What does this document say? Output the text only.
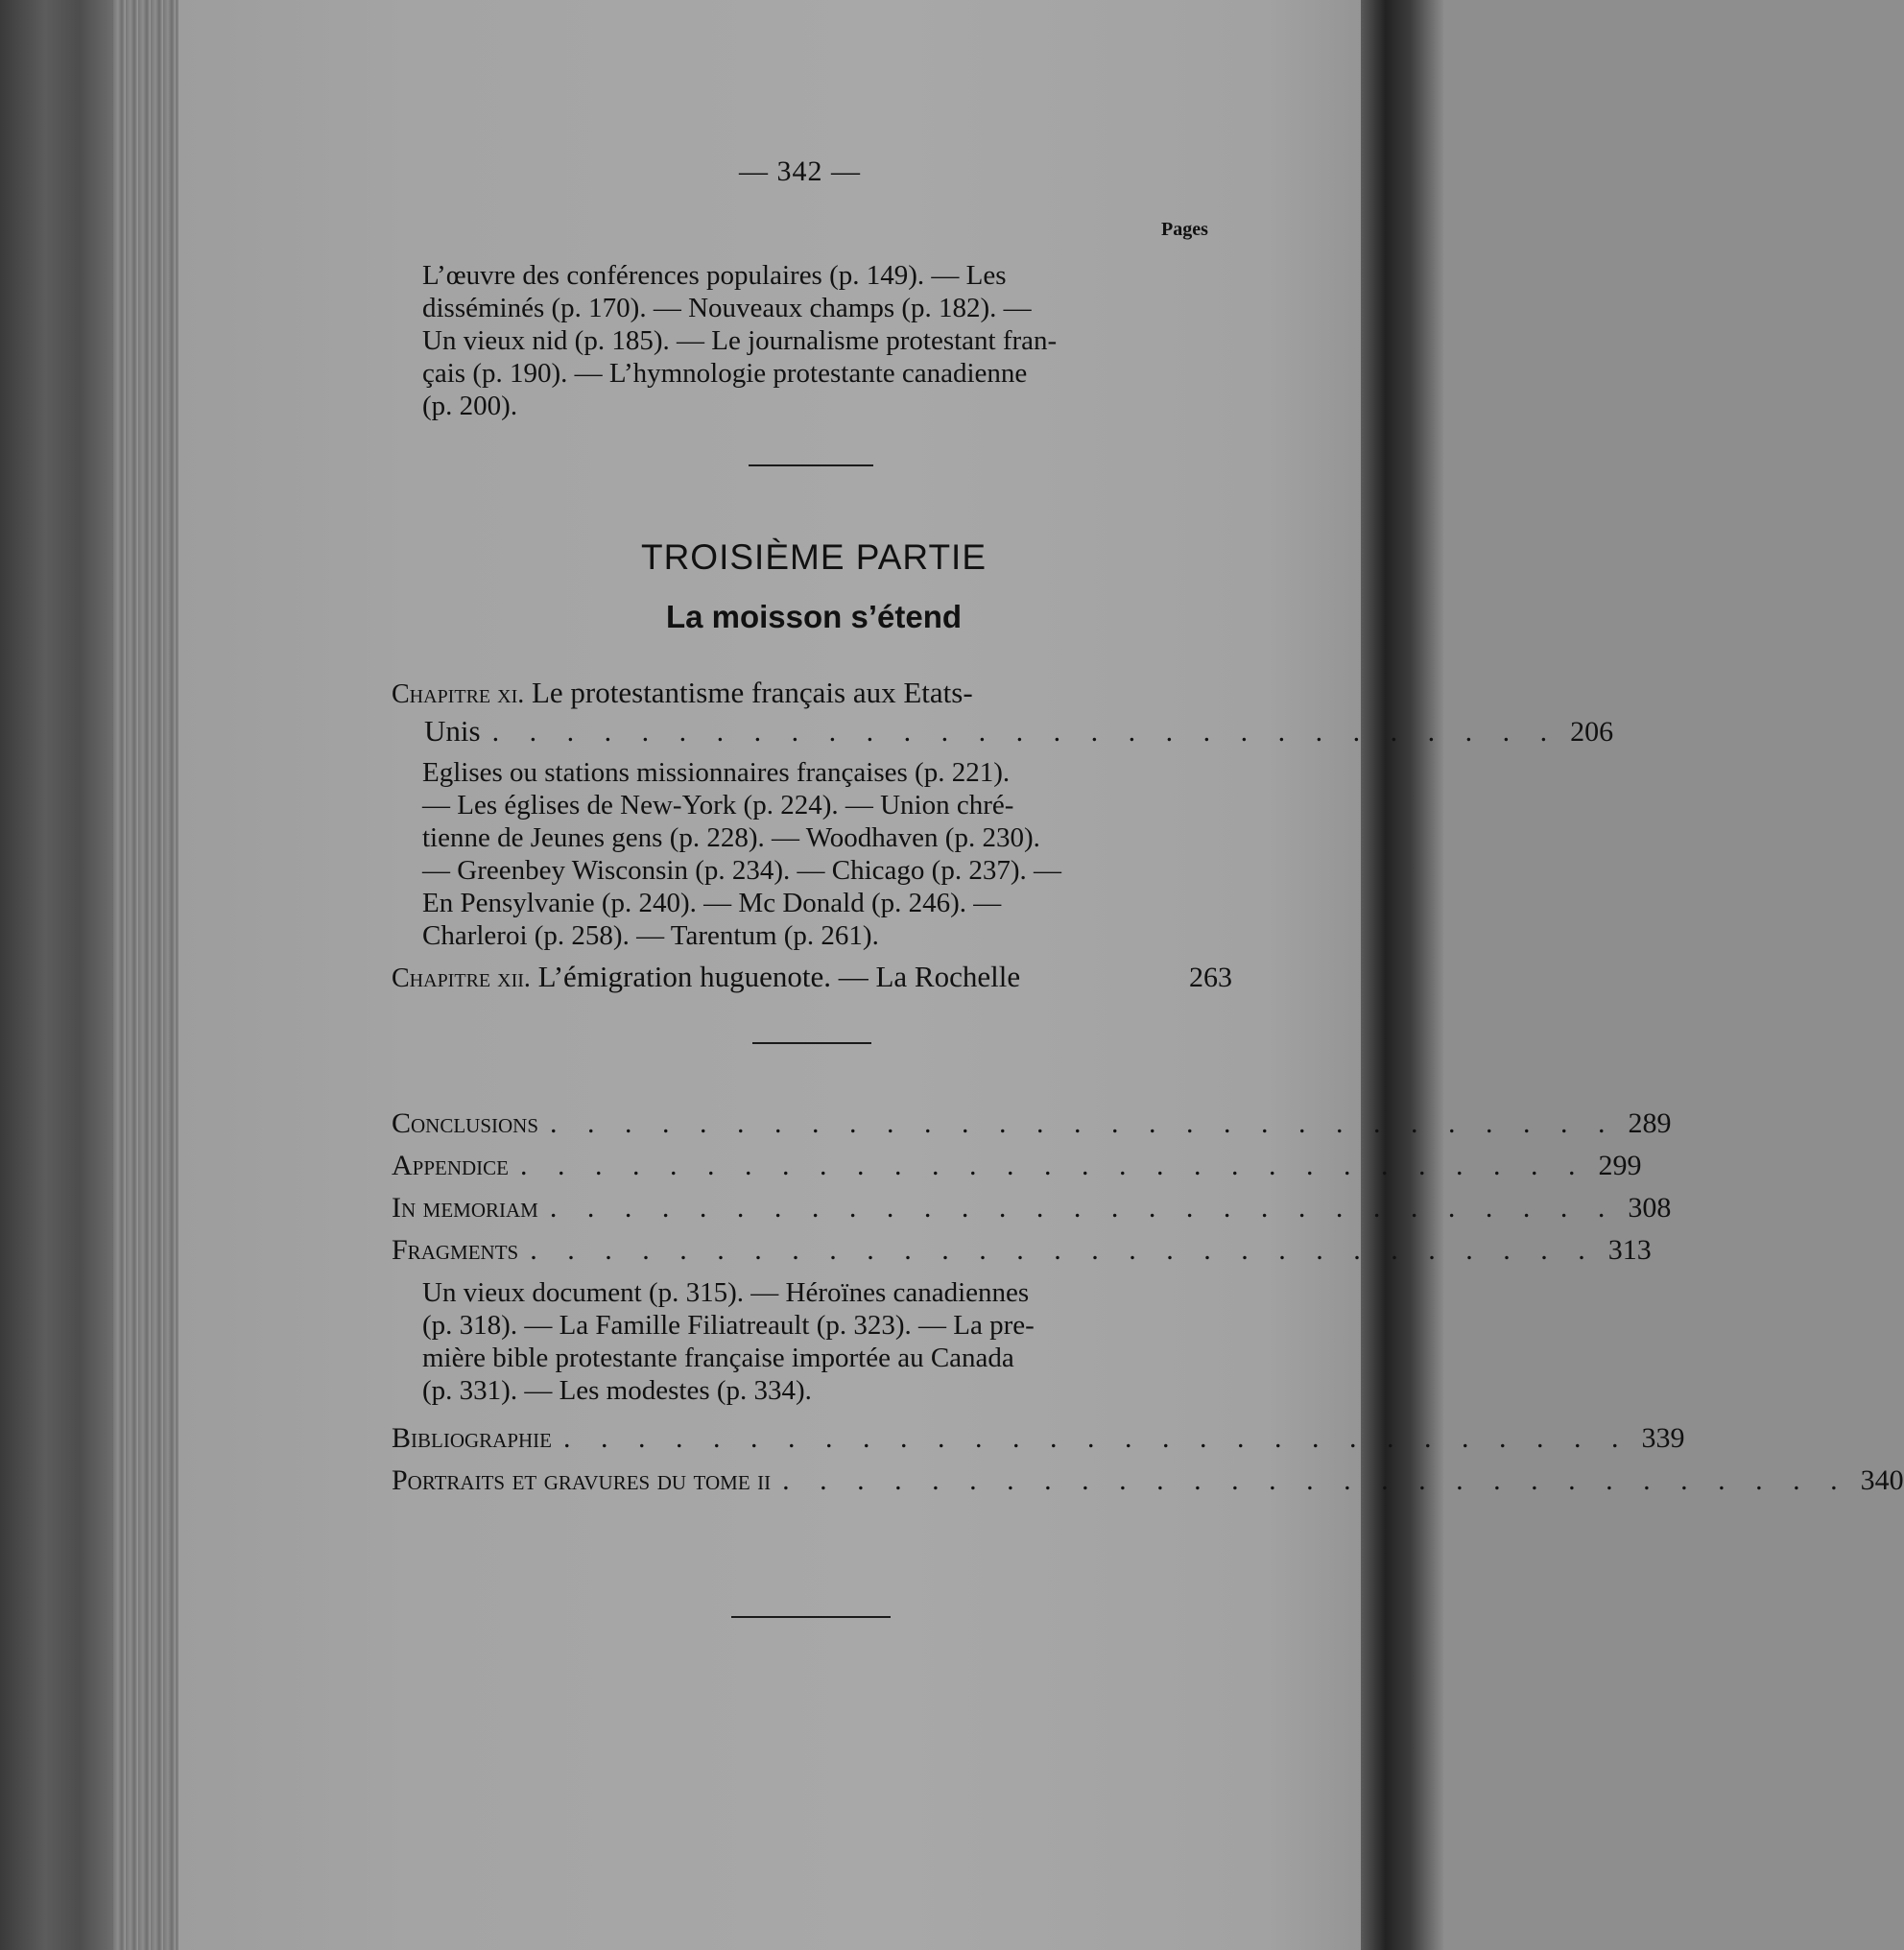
— 342 —
Pages
L’œuvre des conférences populaires (p. 149). — Les
disséminés (p. 170). — Nouveaux champs (p. 182). —
Un vieux nid (p. 185). — Le journalisme protestant fran-
çais (p. 190). — L’hymnologie protestante canadienne
(p. 200).
TROISIÈME PARTIE
La moisson s’étend
Chapitre xi. Le protestantisme français aux Etats-
Unis . . . . . . . . . . . . . . . . . . . . . . . . . . . . . 206
Eglises ou stations missionnaires françaises (p. 221).
— Les églises de New-York (p. 224). — Union chré-
tienne de Jeunes gens (p. 228). — Woodhaven (p. 230).
— Greenbey Wisconsin (p. 234). — Chicago (p. 237). —
En Pensylvanie (p. 240). — Mc Donald (p. 246). —
Charleroi (p. 258). — Tarentum (p. 261).
Chapitre xii. L’émigration huguenote. — La Rochelle	263
Conclusions . . . . . . . . . . . . . . . . . . . . . . . . . . . . . 289
Appendice . . . . . . . . . . . . . . . . . . . . . . . . . . . . . 299
In memoriam . . . . . . . . . . . . . . . . . . . . . . . . . . . . . 308
Fragments . . . . . . . . . . . . . . . . . . . . . . . . . . . . . 313
Un vieux document (p. 315). — Héroïnes canadiennes
(p. 318). — La Famille Filiatreault (p. 323). — La pre-
mière bible protestante française importée au Canada
(p. 331). — Les modestes (p. 334).
Bibliographie . . . . . . . . . . . . . . . . . . . . . . . . . . . . . 339
Portraits et gravures du tome ii . . . . . . . . . . . . . . . . . . . . . . . . . . . . . 340
